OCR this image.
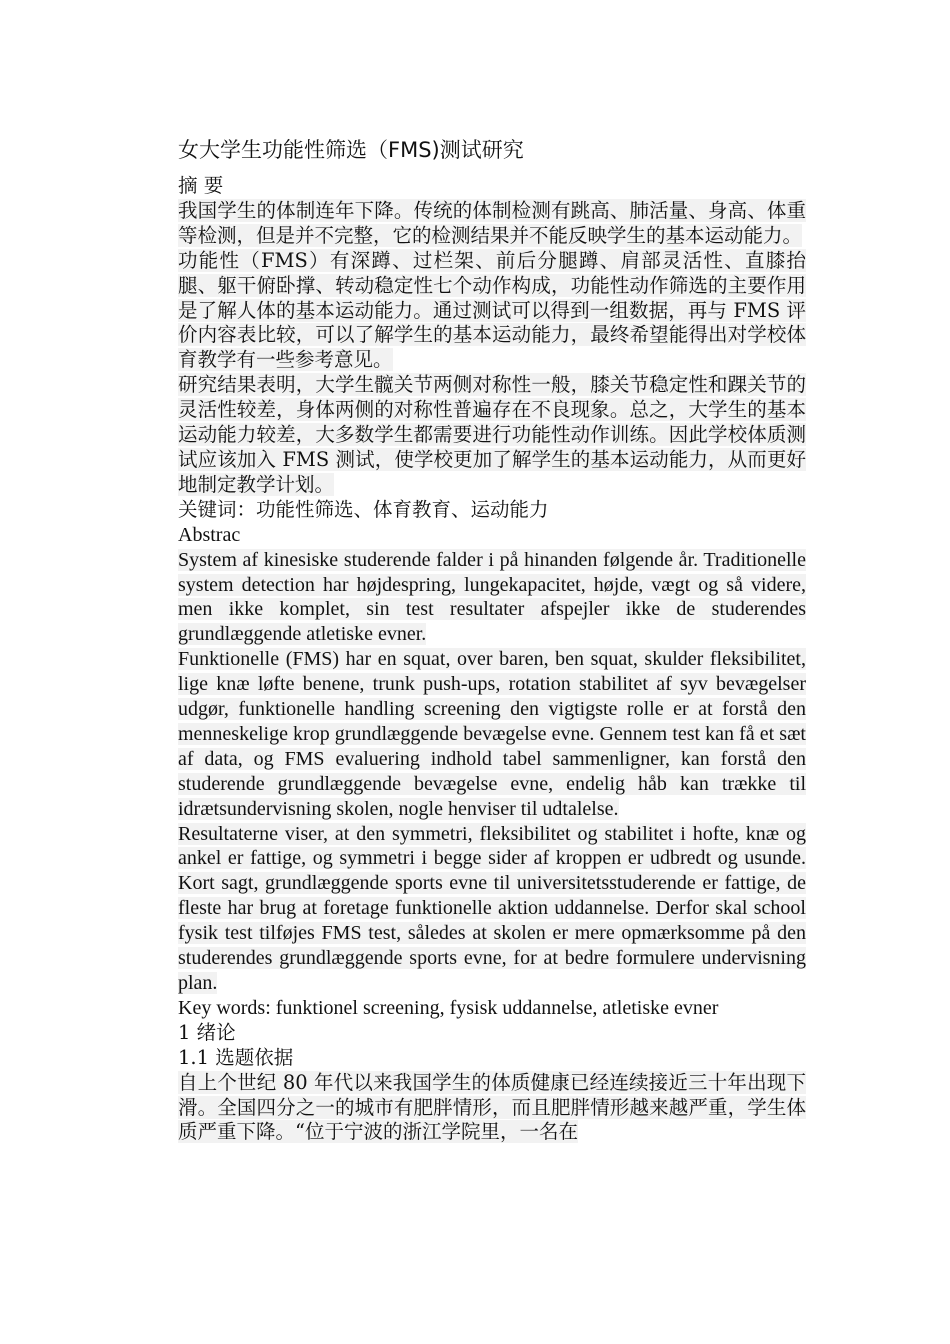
女大学生功能性筛选（FMS)测试研究

摘 要

我国学生的体制连年下降。传统的体制检测有跳高、肺活量、身高、体重等检测，但是并不完整，它的检测结果并不能反映学生的基本运动能力。

功能性（FMS）有深蹲、过栏架、前后分腿蹲、肩部灵活性、直膝抬腿、躯干俯卧撑、转动稳定性七个动作构成，功能性动作筛选的主要作用是了解人体的基本运动能力。通过测试可以得到一组数据，再与 FMS 评价内容表比较，可以了解学生的基本运动能力，最终希望能得出对学校体育教学有一些参考意见。

研究结果表明，大学生髋关节两侧对称性一般，膝关节稳定性和踝关节的灵活性较差，身体两侧的对称性普遍存在不良现象。总之，大学生的基本运动能力较差，大多数学生都需要进行功能性动作训练。因此学校体质测试应该加入 FMS 测试，使学校更加了解学生的基本运动能力，从而更好地制定教学计划。

关键词：功能性筛选、体育教育、运动能力

Abstrac

System af kinesiske studerende falder i på hinanden følgende år. Traditionelle system detection har højdespring, lungekapacitet, højde, vægt og så videre, men ikke komplet, sin test resultater afspejler ikke de studerendes grundlæggende atletiske evner.

Funktionelle (FMS) har en squat, over baren, ben squat, skulder fleksibilitet, lige knæ løfte benene, trunk push-ups, rotation stabilitet af syv bevægelser udgør, funktionelle handling screening den vigtigste rolle er at forstå den menneskelige krop grundlæggende bevægelse evne. Gennem test kan få et sæt af data, og FMS evaluering indhold tabel sammenligner, kan forstå den studerende grundlæggende bevægelse evne, endelig håb kan trække til idrætsundervisning skolen, nogle henviser til udtalelse.

Resultaterne viser, at den symmetri, fleksibilitet og stabilitet i hofte, knæ og ankel er fattige, og symmetri i begge sider af kroppen er udbredt og usunde. Kort sagt, grundlæggende sports evne til universitetsstuderende er fattige, de fleste har brug at foretage funktionelle aktion uddannelse. Derfor skal school fysik test tilføjes FMS test, således at skolen er mere opmærksomme på den studerendes grundlæggende sports evne, for at bedre formulere undervisning plan.

Key words: funktionel screening, fysisk uddannelse, atletiske evner

1 绪论

1.1 选题依据

自上个世纪 80 年代以来我国学生的体质健康已经连续接近三十年出现下滑。全国四分之一的城市有肥胖情形，而且肥胖情形越来越严重，学生体质严重下降。“位于宁波的浙江学院里，一名在
